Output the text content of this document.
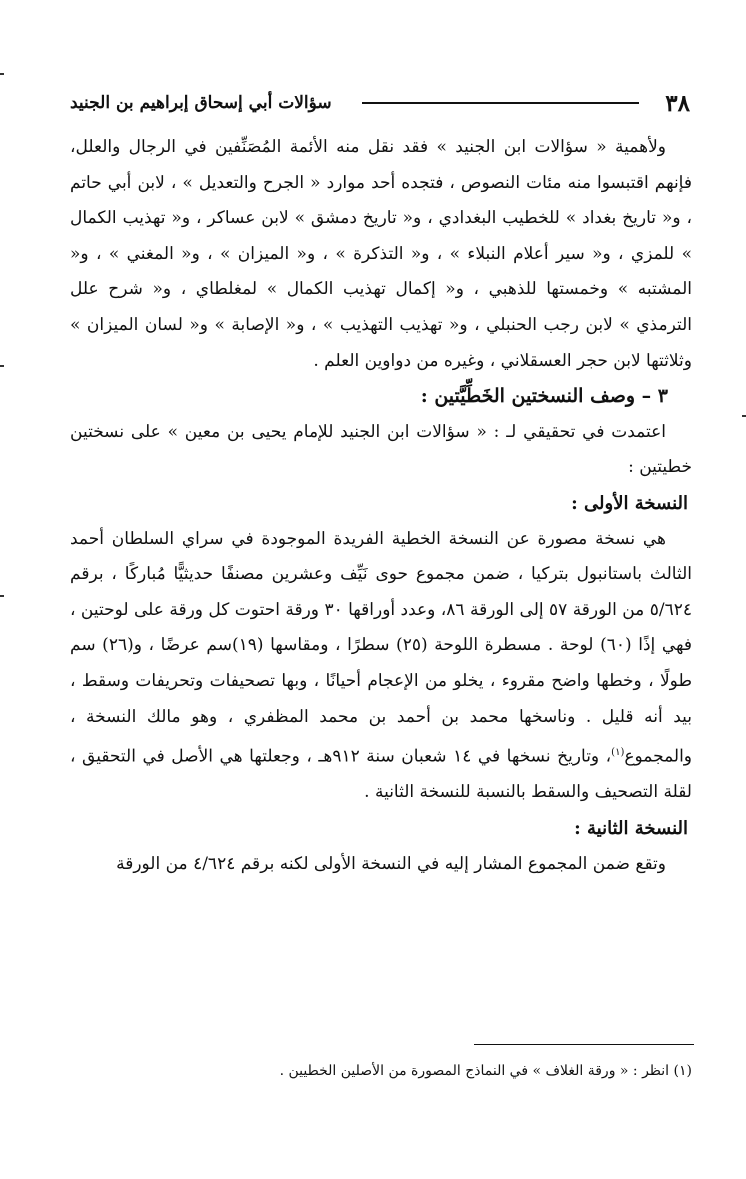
٣٨
سؤالات أبي إسحاق إبراهيم بن الجنيد

ولأهمية « سؤالات ابن الجنيد » فقد نقل منه الأئمة المُصَنِّفين في الرجال والعلل، فإنهم اقتبسوا منه مئات النصوص ، فتجده أحد موارد « الجرح والتعديل » ، لابن أبي حاتم ، و« تاريخ بغداد » للخطيب البغدادي ، و« تاريخ دمشق » لابن عساكر ، و« تهذيب الكمال » للمزي ، و« سير أعلام النبلاء » ، و« التذكرة » ، و« الميزان » ، و« المغني » ، و« المشتبه » وخمستها للذهبي ، و« إكمال تهذيب الكمال » لمغلطاي ، و« شرح علل الترمذي » لابن رجب الحنبلي ، و« تهذيب التهذيب » ، و« الإصابة » و« لسان الميزان » وثلاثتها لابن حجر العسقلاني ، وغيره من دواوين العلم .

٣ – وصف النسختين الخَطِّيَّتين :

اعتمدت في تحقيقي لـ : « سؤالات ابن الجنيد للإمام يحيى بن معين » على نسختين خطيتين :

النسخة الأولى :

هي نسخة مصورة عن النسخة الخطية الفريدة الموجودة في سراي السلطان أحمد الثالث باستانبول بتركيا ، ضمن مجموع حوى نَيِّف وعشرين مصنفًا حديثيًّا مُباركًا ، برقم ٥/٦٢٤ من الورقة ٥٧ إلى الورقة ٨٦، وعدد أوراقها ٣٠ ورقة احتوت كل ورقة على لوحتين ، فهي إذًا (٦٠) لوحة . مسطرة اللوحة (٢٥) سطرًا ، ومقاسها (١٩)سم عرضًا ، و(٢٦) سم طولًا ، وخطها واضح مقروء ، يخلو من الإعجام أحيانًا ، وبها تصحيفات وتحريفات وسقط ، بيد أنه قليل . وناسخها محمد بن أحمد بن محمد المظفري ، وهو مالك النسخة ، والمجموع$^{(١)}$، وتاريخ نسخها في ١٤ شعبان سنة ٩١٢هـ ، وجعلتها هي الأصل في التحقيق ، لقلة التصحيف والسقط بالنسبة للنسخة الثانية .

النسخة الثانية :

وتقع ضمن المجموع المشار إليه في النسخة الأولى لكنه برقم ٤/٦٢٤ من الورقة

(١) انظر : « ورقة الغلاف » في النماذج المصورة من الأصلين الخطيين .
